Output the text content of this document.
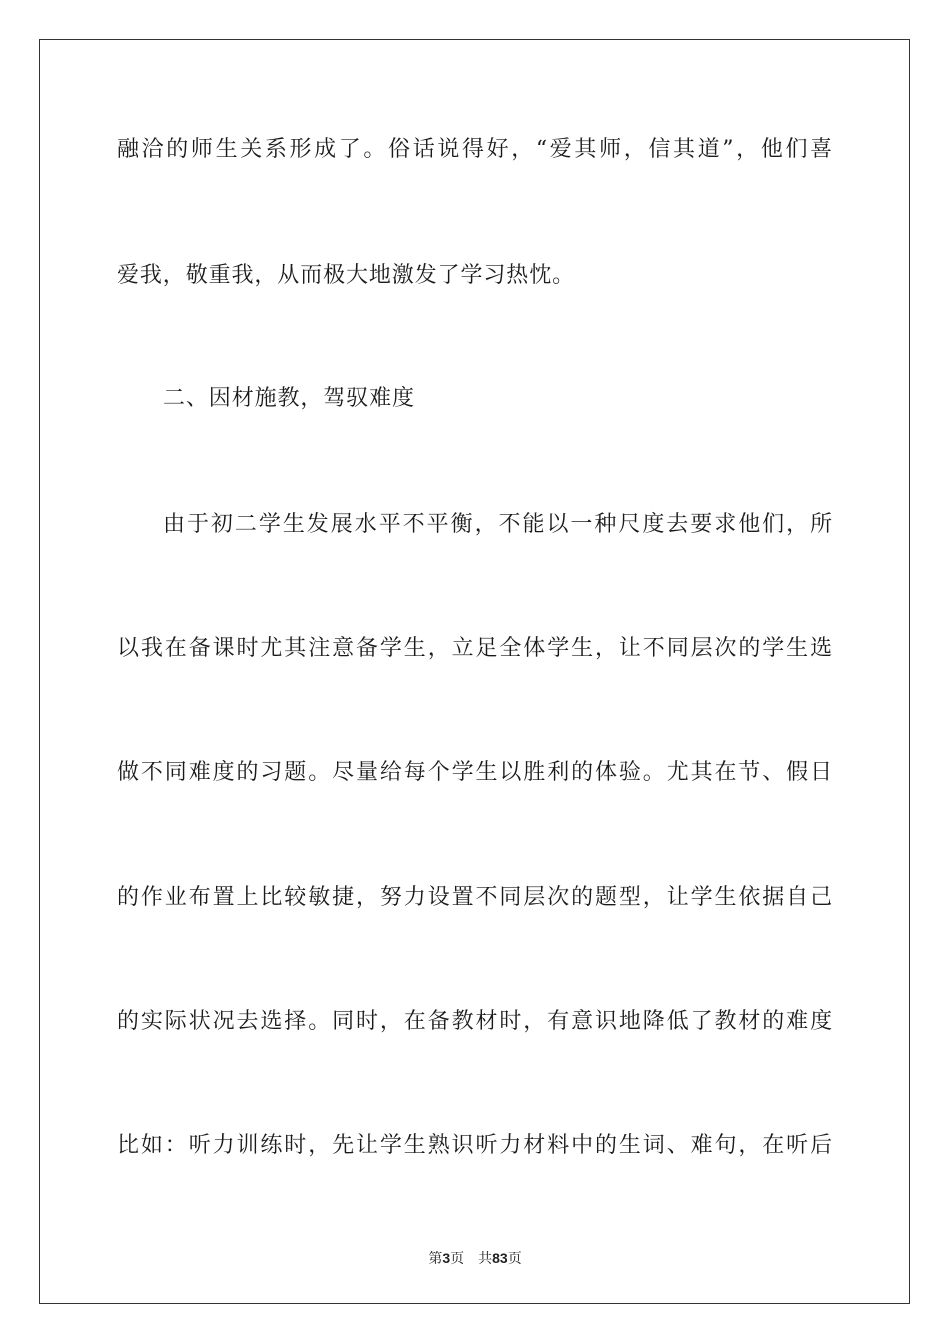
融洽的师生关系形成了。俗话说得好，“爱其师，信其道”，他们喜
爱我，敬重我，从而极大地激发了学习热忱。
二、因材施教，驾驭难度
由于初二学生发展水平不平衡，不能以一种尺度去要求他们，所
以我在备课时尤其注意备学生，立足全体学生，让不同层次的学生选
做不同难度的习题。尽量给每个学生以胜利的体验。尤其在节、假日
的作业布置上比较敏捷，努力设置不同层次的题型，让学生依据自己
的实际状况去选择。同时，在备教材时，有意识地降低了教材的难度
比如：听力训练时，先让学生熟识听力材料中的生词、难句，在听后
第3页 共83页
